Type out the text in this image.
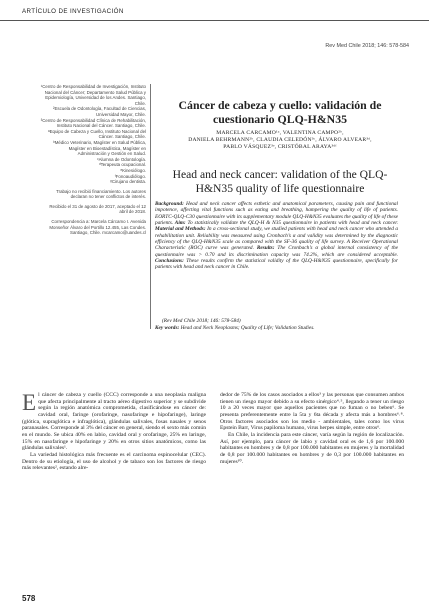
ARTÍCULO DE INVESTIGACIÓN
Rev Med Chile 2018; 146: 578-584

¹Centro de Responsabilidad de Investigación, Instituto Nacional del Cáncer; Departamento Salud Pública y Epidemiología, Universidad de los Andes. Santiago, Chile.

²Escuela de Odontología, Facultad de Ciencias, Universidad Mayor, Chile.

³Centro de Responsabilidad Clínica de Rehabilitación, Instituto Nacional del Cáncer. Santiago, Chile.

ᵃEquipo de Cabeza y Cuello, Instituto Nacional del Cáncer. Santiago, Chile.

ᵇMédico Veterinario, Magíster en Salud Pública, Magíster en Bioestadística, Magíster en Administración y Gestión en Salud.

ᶜAlumna de Odontología.

ᵈTerapeuta ocupacional.

ᵉKinesiólogo.

ᶠFonoaudiólogo.

ᵍCirujano dentista.

Trabajo no recibió financiamiento. Los autores declaran no tener conflictos de interés.

Recibido el 31 de agosto de 2017, aceptado el 12 abril de 2018.

Correspondencia a: Marcela Cárcamo I. Avenida Monseñor Álvaro del Portillo 12.455, Las Condes. Santiago, Chile. mcarcamo@uandes.cl

Cáncer de cabeza y cuello: validación de cuestionario QLQ-H&N35
MARCELA CARCAMO¹ᵃ, VALENTINA CAMPO²ᵇ,
DANIELA BEHRMANN²ᵇ, CLAUDIA CELEDÓN³ᶜ, ÁLVARO ALVEAR³ᵈ,
PABLO VÁSQUEZ³ᵉ, CRISTÓBAL ARAYA³ᵈᶠ
Head and neck cancer: validation of the QLQ-H&N35 quality of life questionnaire
Background: Head and neck cancer affects esthetic and anatomical parameters, causing pain and functional impotence, affecting vital functions such as eating and breathing, hampering the quality of life of patients. EORTC-QLQ-C30 questionnaire with its supplementary module QLQ-H&N35 evaluates the quality of life of these patients. Aim: To statistically validate the QLQ-H & N35 questionnaire in patients with head and neck cancer. Material and Methods: In a cross-sectional study, we studied patients with head and neck cancer who attended a rehabilitation unit. Reliability was measured using Cronbach’s α and validity was determined by the diagnostic efficiency of the QLQ-H&N35 scale as compared with the SF-36 quality of life survey. A Receiver Operational Characteristic (ROC) curve was generated. Results: The Cronbach’s α global internal consistency of the questionnaire was > 0.70 and its discrimination capacity was 74.2%, which are considered acceptable. Conclusions: These results confirm the statistical validity of the QLQ-H&N35 questionnaire, specifically for patients with head and neck cancer in Chile.
(Rev Med Chile 2018; 146: 578-584)
Key words: Head and Neck Neoplasms; Quality of Life; Validation Studies.

El cáncer de cabeza y cuello (CCC) corresponde a una neoplasia maligna que afecta principalmente al tracto aéreo digestivo superior y se subdivide según la región anatómica comprometida, clasificándose en cáncer de: cavidad oral, faringe (orofaringe, nasofaringe e hipofaringe), laringe (glótica, supraglótica e infraglótica), glándulas salivales, fosas nasales y senos paranasales. Corresponde al 3% del cáncer en general, siendo el sexto más común en el mundo. Se ubica 40% en labio, cavidad oral y orofaringe, 25% en laringe, 15% en nasofaringe e hipofaringe y 20% en otros sitios anatómicos, como las glándulas salivales¹.

La variedad histológica más frecuente es el carcinoma espinocelular (CEC). Dentro de su etiología, el uso de alcohol y de tabaco son los factores de riesgo más relevantes², estando alre-

dedor de 75% de los casos asociados a ellos³ y las personas que consumen ambos tienen un riesgo mayor debido a su efecto sinérgico⁴˒⁵, llegando a tener un riesgo 10 a 20 veces mayor que aquellos pacientes que no fuman o no beben⁶. Se presenta preferentemente entre la 5ta y 6ta década y afecta más a hombres⁶˒⁸. Otros factores asociados son los medio - ambientales, tales como los virus Epstein Barr, Virus papiloma humano, virus herpes simple, entre otros⁶.

En Chile, la incidencia para este cáncer, varía según la región de localización. Así, por ejemplo, para cáncer de labio y cavidad oral es de 1,6 por 100.000 habitantes en hombres y de 0,8 por 100.000 habitantes en mujeres y la mortalidad de 0,8 por 100.000 habitantes en hombres y de 0,3 por 100.000 habitantes en mujeres¹⁰.

578
